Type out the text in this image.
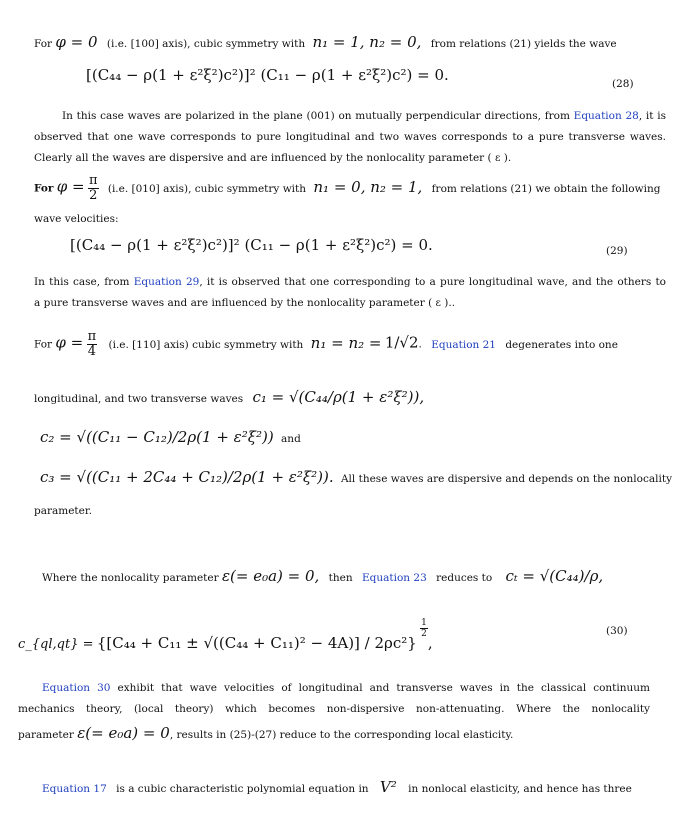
For φ = 0 (i.e. [100] axis), cubic symmetry with n₁ = 1, n₂ = 0, from relations (21) yields the wave
[(C₄₄ − ρ(1 + ε²ξ²)c²)]² (C₁₁ − ρ(1 + ε²ξ²)c²) = 0.	(28)
In this case waves are polarized in the plane (001) on mutually perpendicular directions, from Equation 28, it is
observed that one wave corresponds to pure longitudinal and two waves corresponds to a pure transverse waves.
Clearly all the waves are dispersive and are influenced by the nonlocality parameter ( ε ).
For $\varphi = \frac{\pi}{2} (i.e$. [010] axis), cubic symmetry with n₁ = 0, n₂ = 1, from relations (21) we obtain the following
wave velocities:
[(C₄₄ − ρ(1 + ε²ξ²)c²)]² (C₁₁ − ρ(1 + ε²ξ²)c²) = 0.	(29)
In this case, from Equation 29, it is observed that one corresponding to a pure longitudinal wave, and the others to
a pure transverse waves and are influenced by the nonlocality parameter ( ε )..
For $\varphi = \frac{\pi}{4} (i.e$. [110] axis) cubic symmetry with n₁ = n₂ = 1/√2. Equation 21 degenerates into one
longitudinal, and two transverse waves c₁ = √(C₄₄/ρ(1 + ε²ξ²)),
c₂ = √((C₁₁ − C₁₂)/2ρ(1 + ε²ξ²)) and
c₃ = √((C₁₁ + 2C₄₄ + C₁₂)/2ρ(1 + ε²ξ²)). All these waves are dispersive and depends on the nonlocality
parameter.
Where the nonlocality parameter ε(= e₀a) = 0, then Equation 23 reduces to cₜ = √(C₄₄)/ρ,
c_{ql,qt} = {[C₄₄ + C₁₁ ± √((C₄₄ + C₁₁)² − 4A)] / 2ρc²}
$\frac{1}{2}$
,
(30)
Equation 30 exhibit that wave velocities of longitudinal and transverse waves in the classical continuum
mechanics theory, (local theory) which becomes non-dispersive non-attenuating. Where the nonlocality
parameter ε(= e₀a) = 0, results in (25)-(27) reduce to the corresponding local elasticity.
Equation 17 is a cubic characteristic polynomial equation in V² in nonlocal elasticity, and hence has three
